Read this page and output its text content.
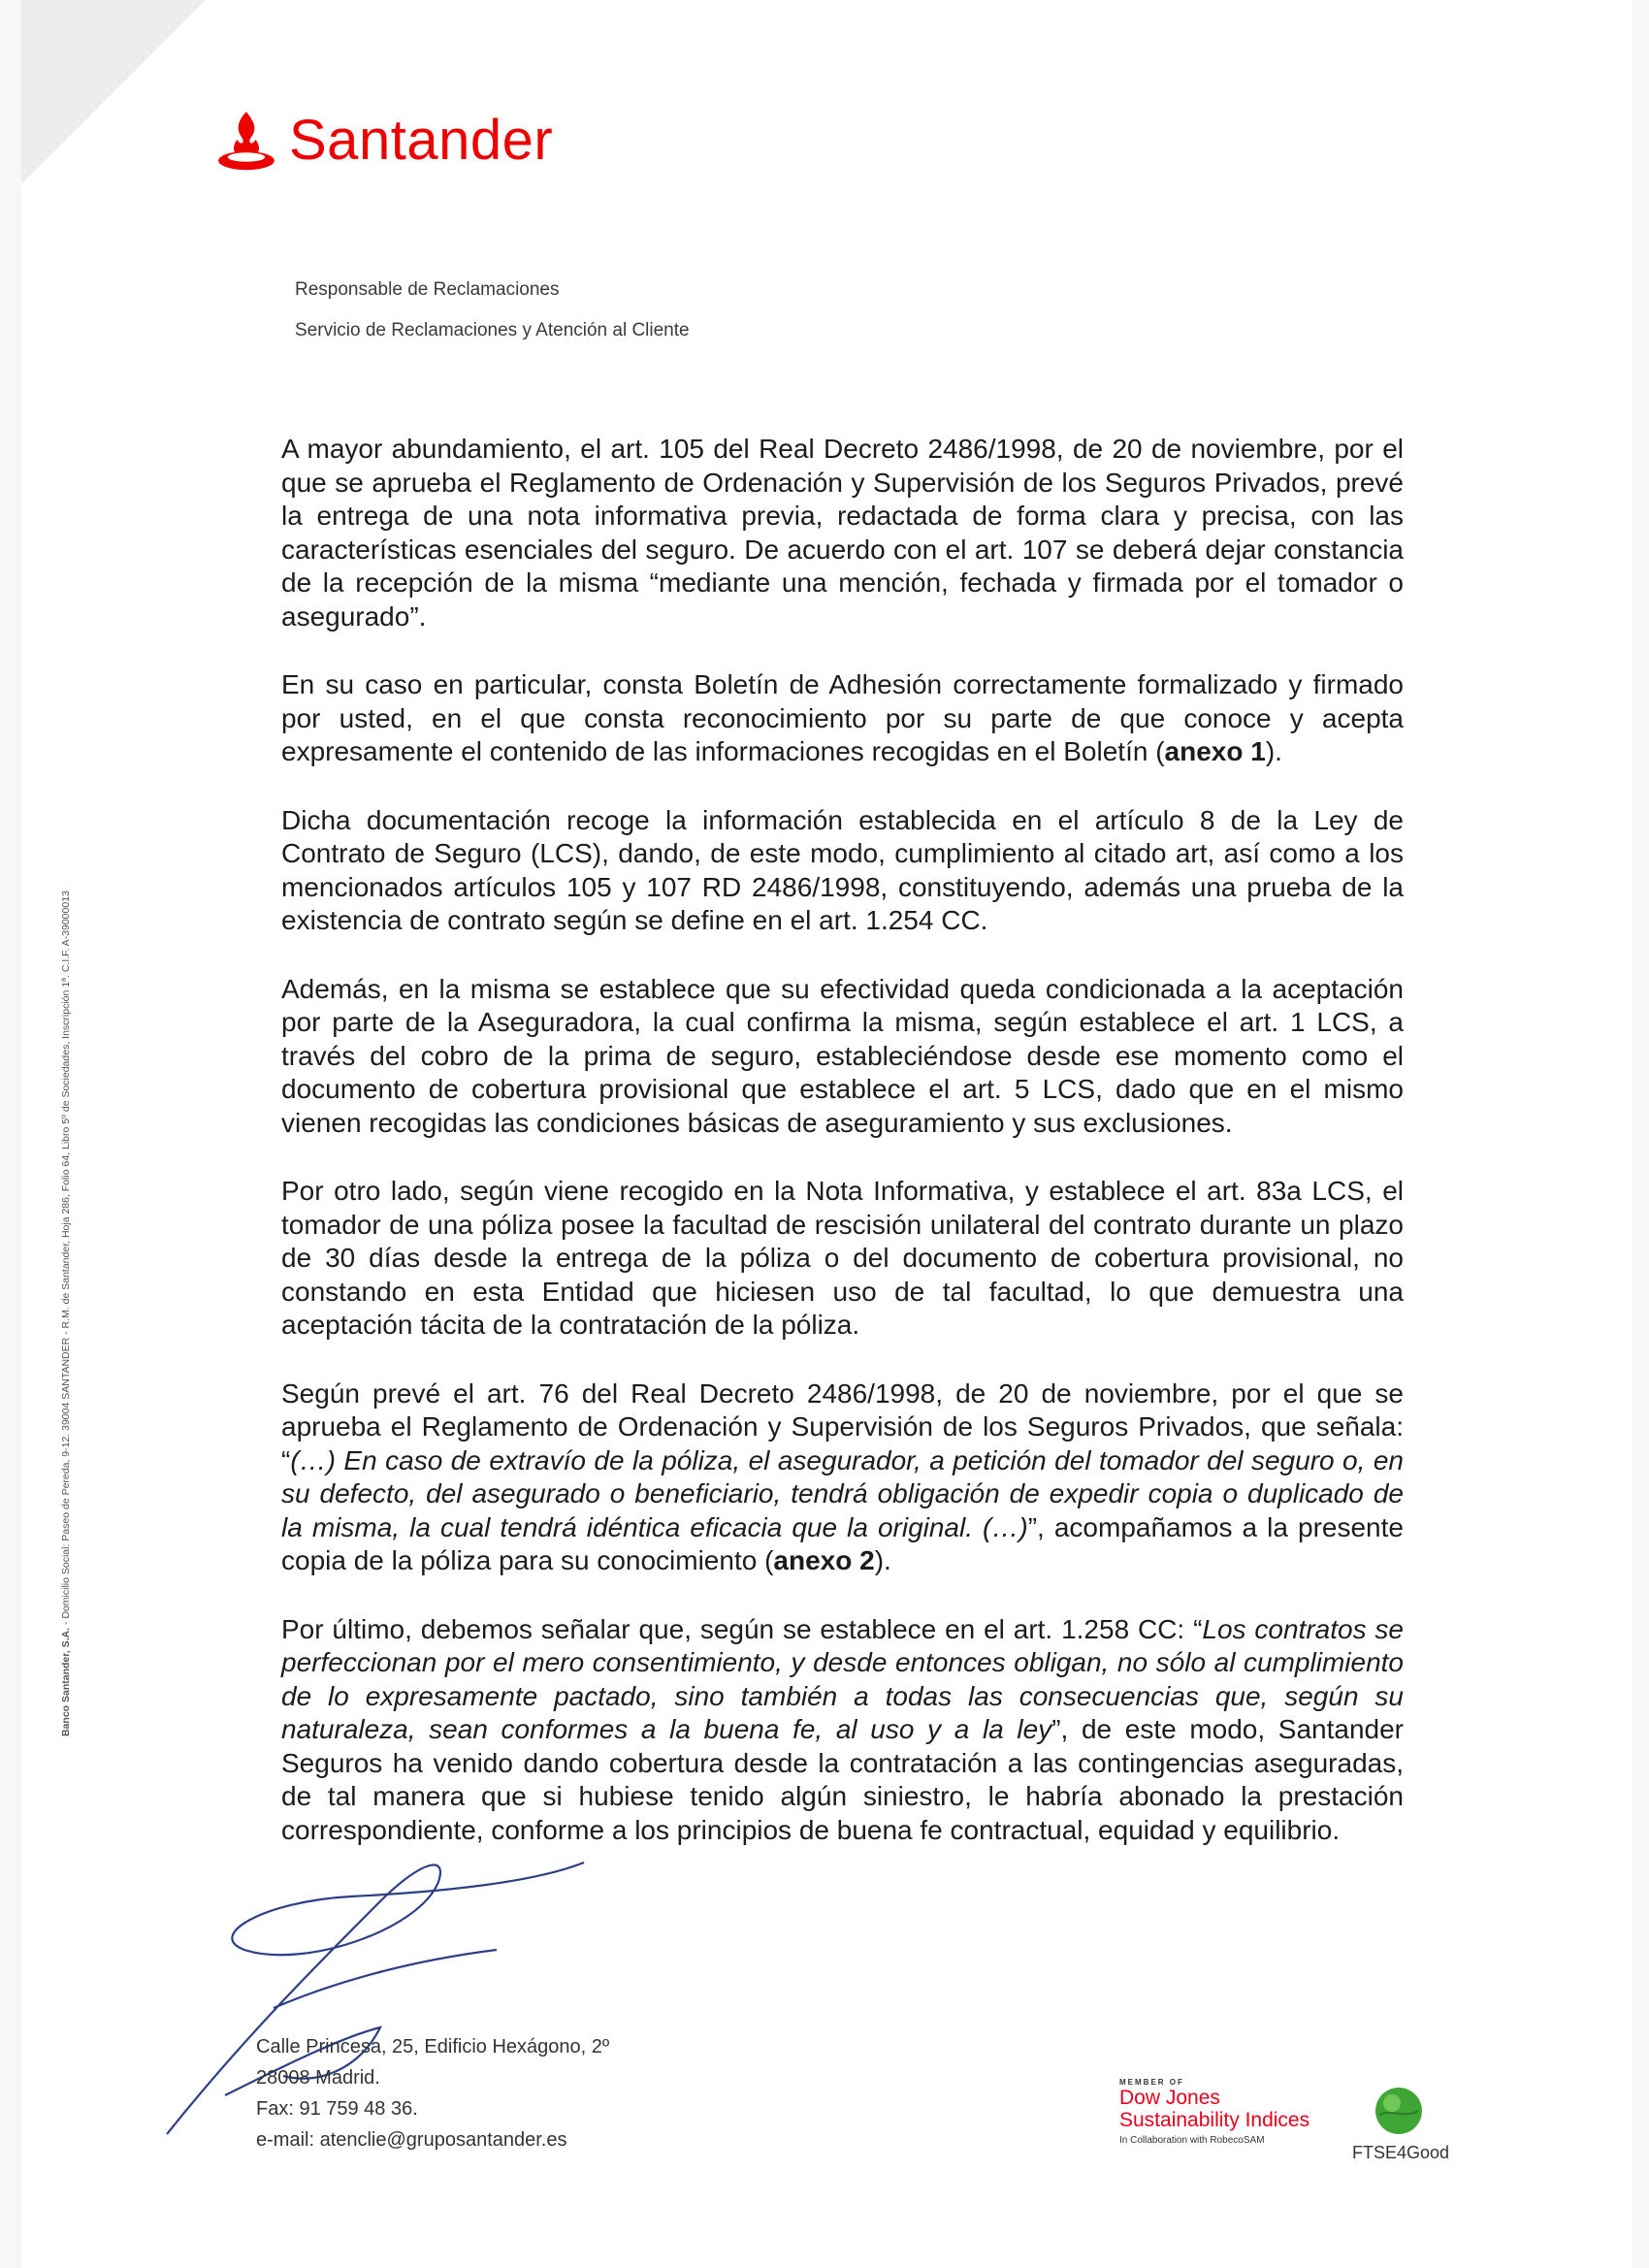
Santander
Responsable de Reclamaciones
Servicio de Reclamaciones y Atención al Cliente
Banco Santander, S.A. - Domicilio Social: Paseo de Pereda, 9-12. 39004 SANTANDER - R.M. de Santander, Hoja 286, Folio 64, Libro 5º de Sociedades, Inscripción 1ª. C.I.F. A-39000013

A mayor abundamiento, el art. 105 del Real Decreto 2486/1998, de 20 de noviembre, por el que se aprueba el Reglamento de Ordenación y Supervisión de los Seguros Privados, prevé la entrega de una nota informativa previa, redactada de forma clara y precisa, con las características esenciales del seguro. De acuerdo con el art. 107 se deberá dejar constancia de la recepción de la misma “mediante una mención, fechada y firmada por el tomador o asegurado”.

En su caso en particular, consta Boletín de Adhesión correctamente formalizado y firmado por usted, en el que consta reconocimiento por su parte de que conoce y acepta expresamente el contenido de las informaciones recogidas en el Boletín (anexo 1).

Dicha documentación recoge la información establecida en el artículo 8 de la Ley de Contrato de Seguro (LCS), dando, de este modo, cumplimiento al citado art, así como a los mencionados artículos 105 y 107 RD 2486/1998, constituyendo, además una prueba de la existencia de contrato según se define en el art. 1.254 CC.

Además, en la misma se establece que su efectividad queda condicionada a la aceptación por parte de la Aseguradora, la cual confirma la misma, según establece el art. 1 LCS, a través del cobro de la prima de seguro, estableciéndose desde ese momento como el documento de cobertura provisional que establece el art. 5 LCS, dado que en el mismo vienen recogidas las condiciones básicas de aseguramiento y sus exclusiones.

Por otro lado, según viene recogido en la Nota Informativa, y establece el art. 83a LCS, el tomador de una póliza posee la facultad de rescisión unilateral del contrato durante un plazo de 30 días desde la entrega de la póliza o del documento de cobertura provisional, no constando en esta Entidad que hiciesen uso de tal facultad, lo que demuestra una aceptación tácita de la contratación de la póliza.

Según prevé el art. 76 del Real Decreto 2486/1998, de 20 de noviembre, por el que se aprueba el Reglamento de Ordenación y Supervisión de los Seguros Privados, que señala: “(…) En caso de extravío de la póliza, el asegurador, a petición del tomador del seguro o, en su defecto, del asegurado o beneficiario, tendrá obligación de expedir copia o duplicado de la misma, la cual tendrá idéntica eficacia que la original. (…)”, acompañamos a la presente copia de la póliza para su conocimiento (anexo 2).

Por último, debemos señalar que, según se establece en el art. 1.258 CC: “Los contratos se perfeccionan por el mero consentimiento, y desde entonces obligan, no sólo al cumplimiento de lo expresamente pactado, sino también a todas las consecuencias que, según su naturaleza, sean conformes a la buena fe, al uso y a la ley”, de este modo, Santander Seguros ha venido dando cobertura desde la contratación a las contingencias aseguradas, de tal manera que si hubiese tenido algún siniestro, le habría abonado la prestación correspondiente, conforme a los principios de buena fe contractual, equidad y equilibrio.

Calle Princesa, 25, Edificio Hexágono, 2º
28008 Madrid.
Fax: 91 759 48 36.
e-mail: atenclie@gruposantander.es
MEMBER OF
Dow Jones
Sustainability Indices
In Collaboration with RobecoSAM
FTSE4Good
